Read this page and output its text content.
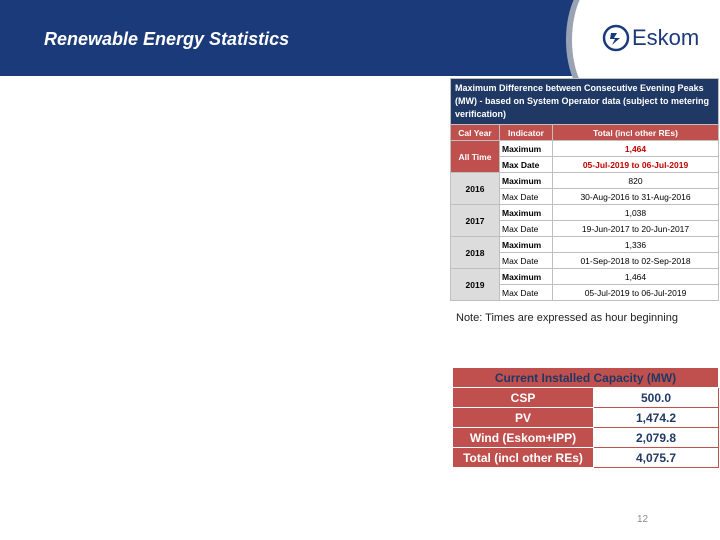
Renewable Energy Statistics	Eskom
Maximum Difference between Consecutive Evening Peaks (MW) - based on System Operator data (subject to metering verification)		
Cal Year	Indicator	Total (incl other REs)
All Time	Maximum	1,464
	Max Date	05-Jul-2019 to 06-Jul-2019
2016	Maximum	820
	Max Date	30-Aug-2016 to 31-Aug-2016
2017	Maximum	1,038
	Max Date	19-Jun-2017 to 20-Jun-2017
2018	Maximum	1,336
	Max Date	01-Sep-2018 to 02-Sep-2018
2019	Maximum	1,464
	Max Date	05-Jul-2019 to 06-Jul-2019
Note: Times are expressed as hour beginning
Current Installed Capacity (MW)	
CSP	500.0
PV	1,474.2
Wind (Eskom+IPP)	2,079.8
Total (incl other REs)	4,075.7
12
